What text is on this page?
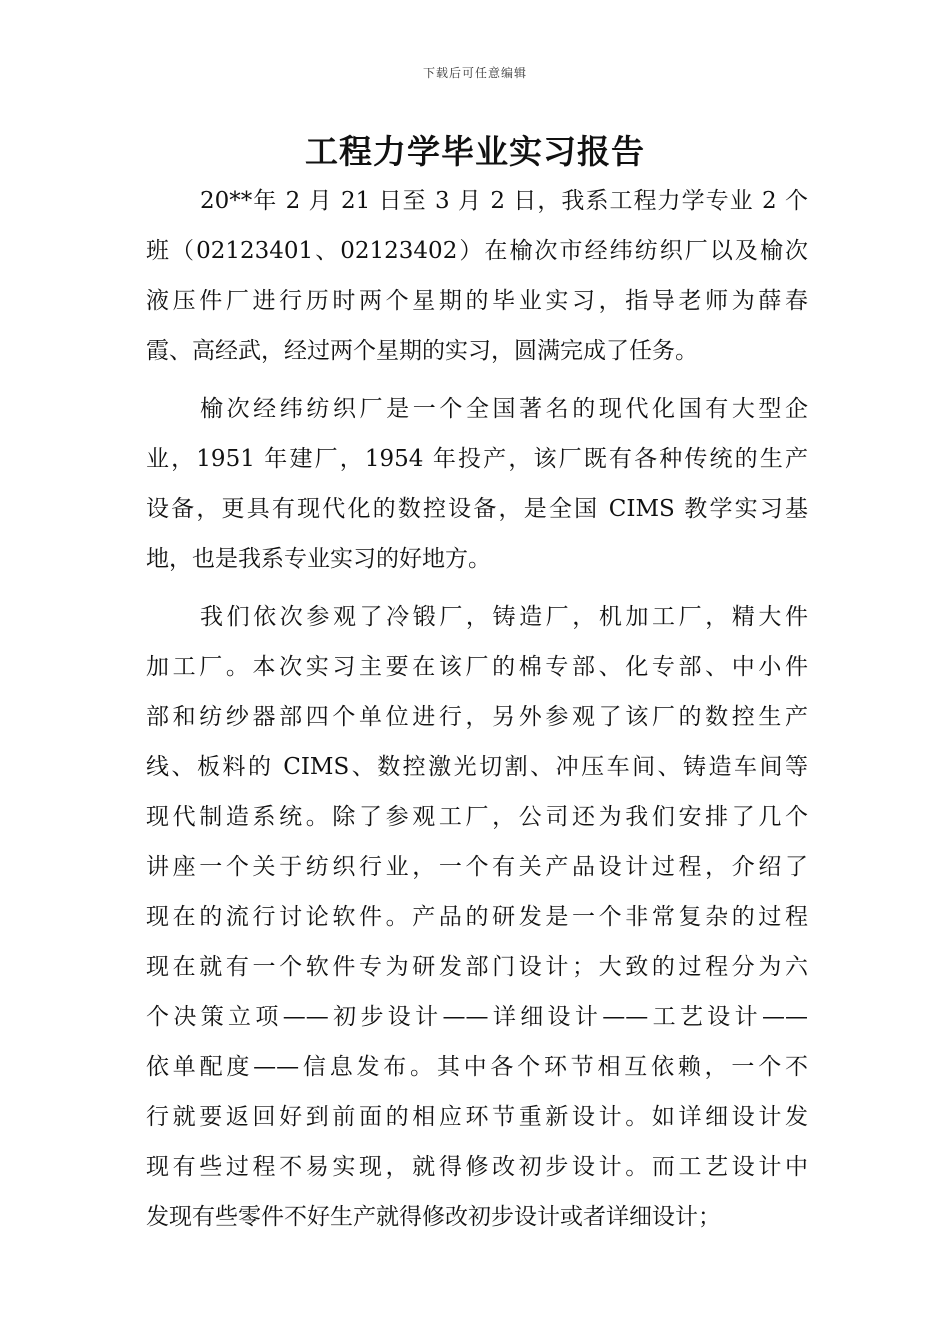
下载后可任意编辑
工程力学毕业实习报告
20**年 2 月 21 日至 3 月 2 日，我系工程力学专业 2 个
班（02123401、02123402）在榆次市经纬纺织厂以及榆次
液压件厂进行历时两个星期的毕业实习，指导老师为薛春
霞、高经武，经过两个星期的实习，圆满完成了任务。
榆次经纬纺织厂是一个全国著名的现代化国有大型企
业，1951 年建厂，1954 年投产，该厂既有各种传统的生产
设备，更具有现代化的数控设备，是全国 CIMS 教学实习基
地，也是我系专业实习的好地方。
我们依次参观了冷锻厂，铸造厂，机加工厂，精大件
加工厂。本次实习主要在该厂的棉专部、化专部、中小件
部和纺纱器部四个单位进行，另外参观了该厂的数控生产
线、板料的 CIMS、数控激光切割、冲压车间、铸造车间等
现代制造系统。除了参观工厂，公司还为我们安排了几个
讲座一个关于纺织行业，一个有关产品设计过程，介绍了
现在的流行讨论软件。产品的研发是一个非常复杂的过程
现在就有一个软件专为研发部门设计；大致的过程分为六
个决策立项——初步设计——详细设计——工艺设计——
依单配度——信息发布。其中各个环节相互依赖，一个不
行就要返回好到前面的相应环节重新设计。如详细设计发
现有些过程不易实现，就得修改初步设计。而工艺设计中
发现有些零件不好生产就得修改初步设计或者详细设计；
